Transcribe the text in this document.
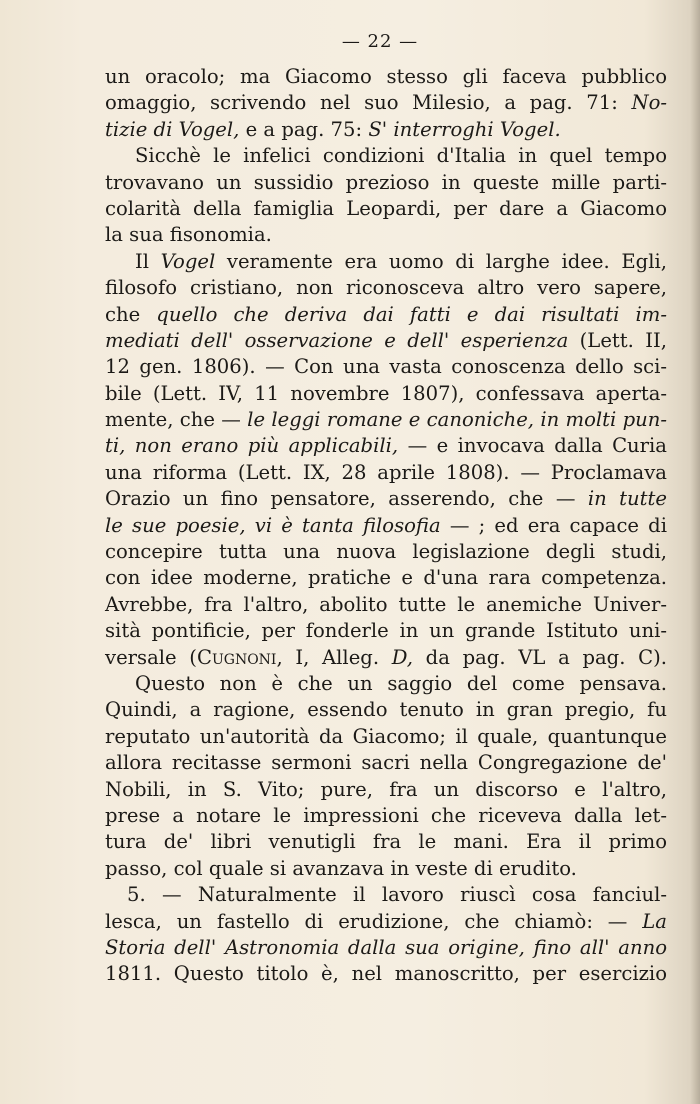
— 22 —
un oracolo; ma Giacomo stesso gli faceva pubblico
omaggio, scrivendo nel suo Milesio, a pag. 71: No-
tizie di Vogel, e a pag. 75: S' interroghi Vogel.
Sicchè le infelici condizioni d'Italia in quel tempo
trovavano un sussidio prezioso in queste mille parti-
colarità della famiglia Leopardi, per dare a Giacomo
la sua fisonomia.
Il Vogel veramente era uomo di larghe idee. Egli,
filosofo cristiano, non riconosceva altro vero sapere,
che quello che deriva dai fatti e dai risultati im-
mediati dell' osservazione e dell' esperienza (Lett. II,
12 gen. 1806). — Con una vasta conoscenza dello sci-
bile (Lett. IV, 11 novembre 1807), confessava aperta-
mente, che — le leggi romane e canoniche, in molti pun-
ti, non erano più applicabili, — e invocava dalla Curia
una riforma (Lett. IX, 28 aprile 1808). — Proclamava
Orazio un fino pensatore, asserendo, che — in tutte
le sue poesie, vi è tanta filosofia — ; ed era capace di
concepire tutta una nuova legislazione degli studi,
con idee moderne, pratiche e d'una rara competenza.
Avrebbe, fra l'altro, abolito tutte le anemiche Univer-
sità pontificie, per fonderle in un grande Istituto uni-
versale (Cugnoni, I, Alleg. D, da pag. VL a pag. C).
Questo non è che un saggio del come pensava.
Quindi, a ragione, essendo tenuto in gran pregio, fu
reputato un'autorità da Giacomo; il quale, quantunque
allora recitasse sermoni sacri nella Congregazione de'
Nobili, in S. Vito; pure, fra un discorso e l'altro,
prese a notare le impressioni che riceveva dalla let-
tura de' libri venutigli fra le mani. Era il primo
passo, col quale si avanzava in veste di erudito.
5. — Naturalmente il lavoro riuscì cosa fanciul-
lesca, un fastello di erudizione, che chiamò: — La
Storia dell' Astronomia dalla sua origine, fino all' anno
1811. Questo titolo è, nel manoscritto, per esercizio
